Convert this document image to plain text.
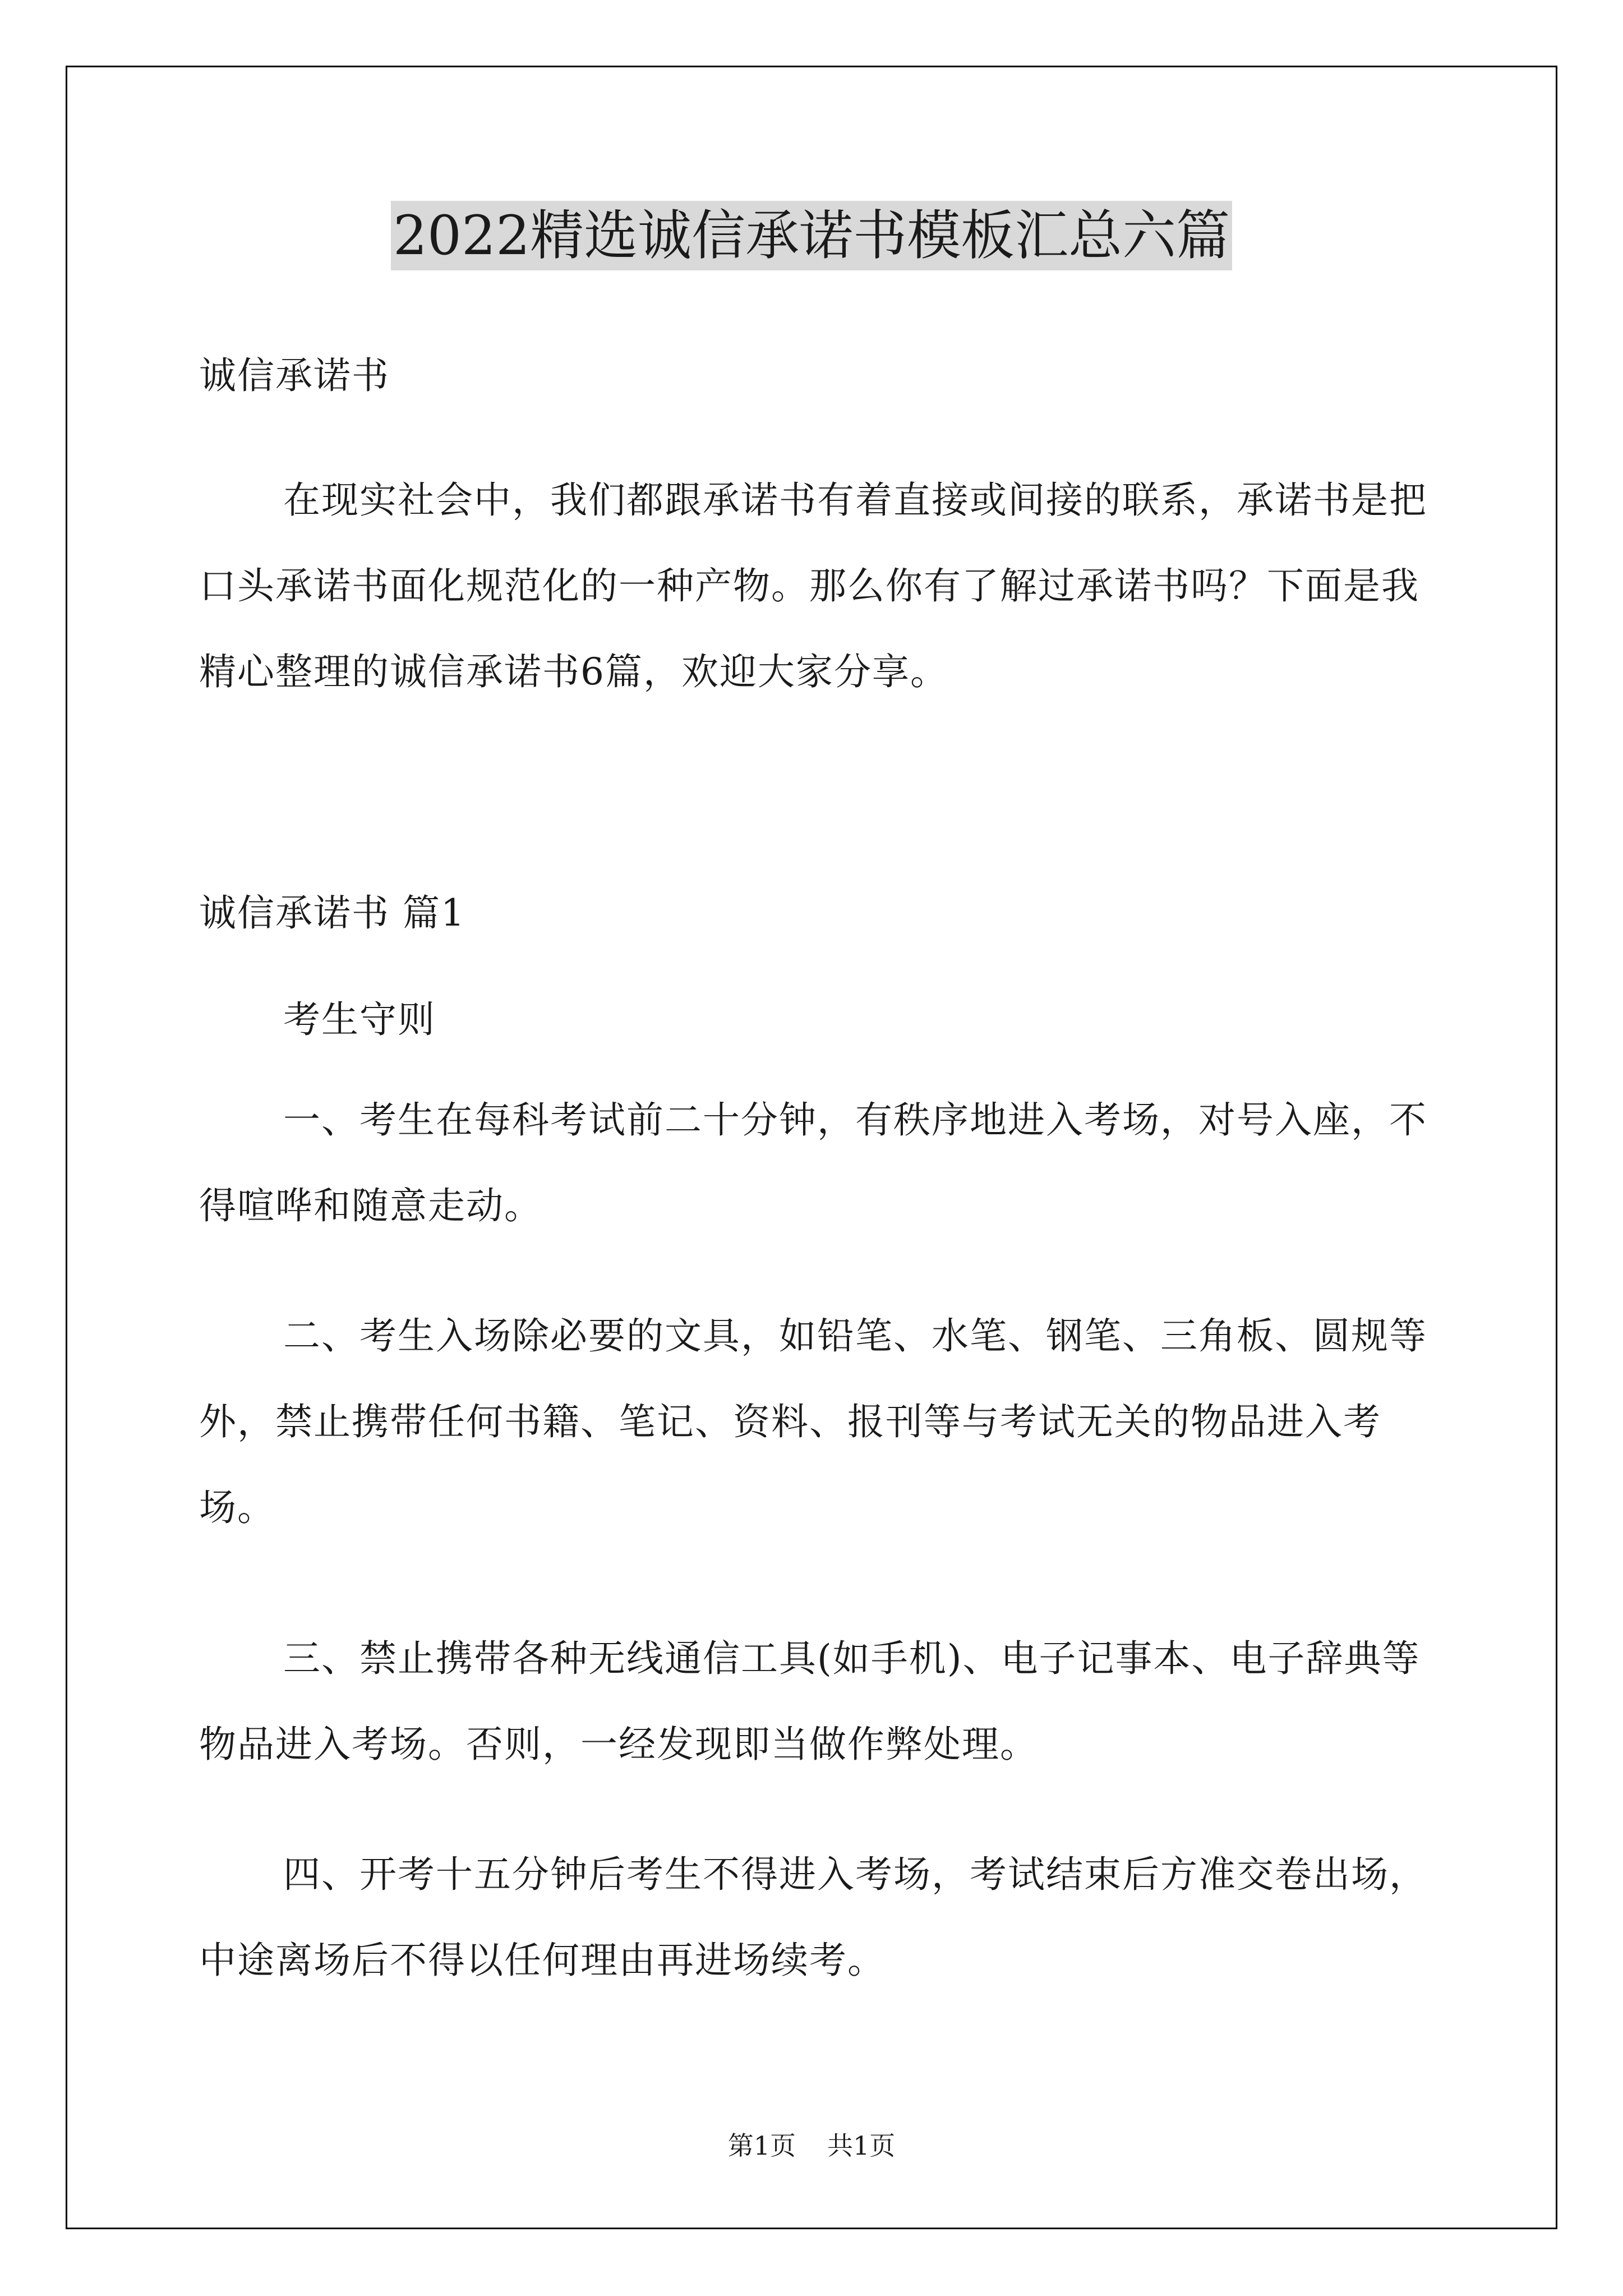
2022精选诚信承诺书模板汇总六篇
诚信承诺书
在现实社会中，我们都跟承诺书有着直接或间接的联系，承诺书是把口头承诺书面化规范化的一种产物。那么你有了解过承诺书吗？下面是我精心整理的诚信承诺书6篇，欢迎大家分享。
诚信承诺书 篇1
考生守则
一、考生在每科考试前二十分钟，有秩序地进入考场，对号入座，不得喧哗和随意走动。
二、考生入场除必要的文具，如铅笔、水笔、钢笔、三角板、圆规等外，禁止携带任何书籍、笔记、资料、报刊等与考试无关的物品进入考场。
三、禁止携带各种无线通信工具(如手机)、电子记事本、电子辞典等物品进入考场。否则，一经发现即当做作弊处理。
四、开考十五分钟后考生不得进入考场，考试结束后方准交卷出场，中途离场后不得以任何理由再进场续考。
第1页 共1页
